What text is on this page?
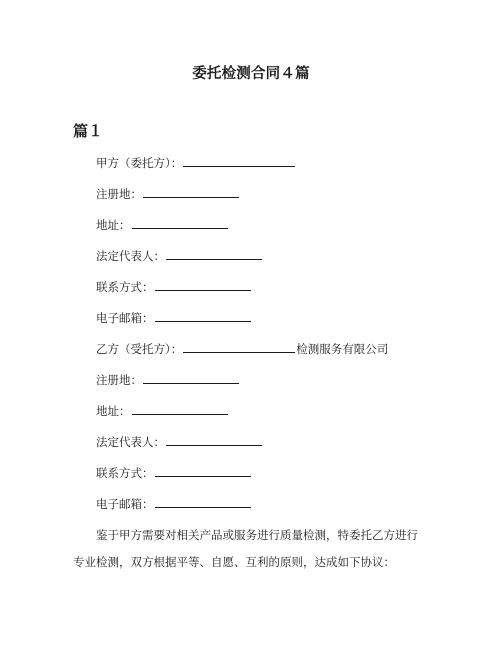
委托检测合同４篇
篇１
甲方（委托方）：
注册地：
地址：
法定代表人：
联系方式：
电子邮箱：
乙方（受托方）：	检测服务有限公司
注册地：
地址：
法定代表人：
联系方式：
电子邮箱：
鉴于甲方需要对相关产品或服务进行质量检测，特委托乙方进行
专业检测，双方根据平等、自愿、互利的原则，达成如下协议：
